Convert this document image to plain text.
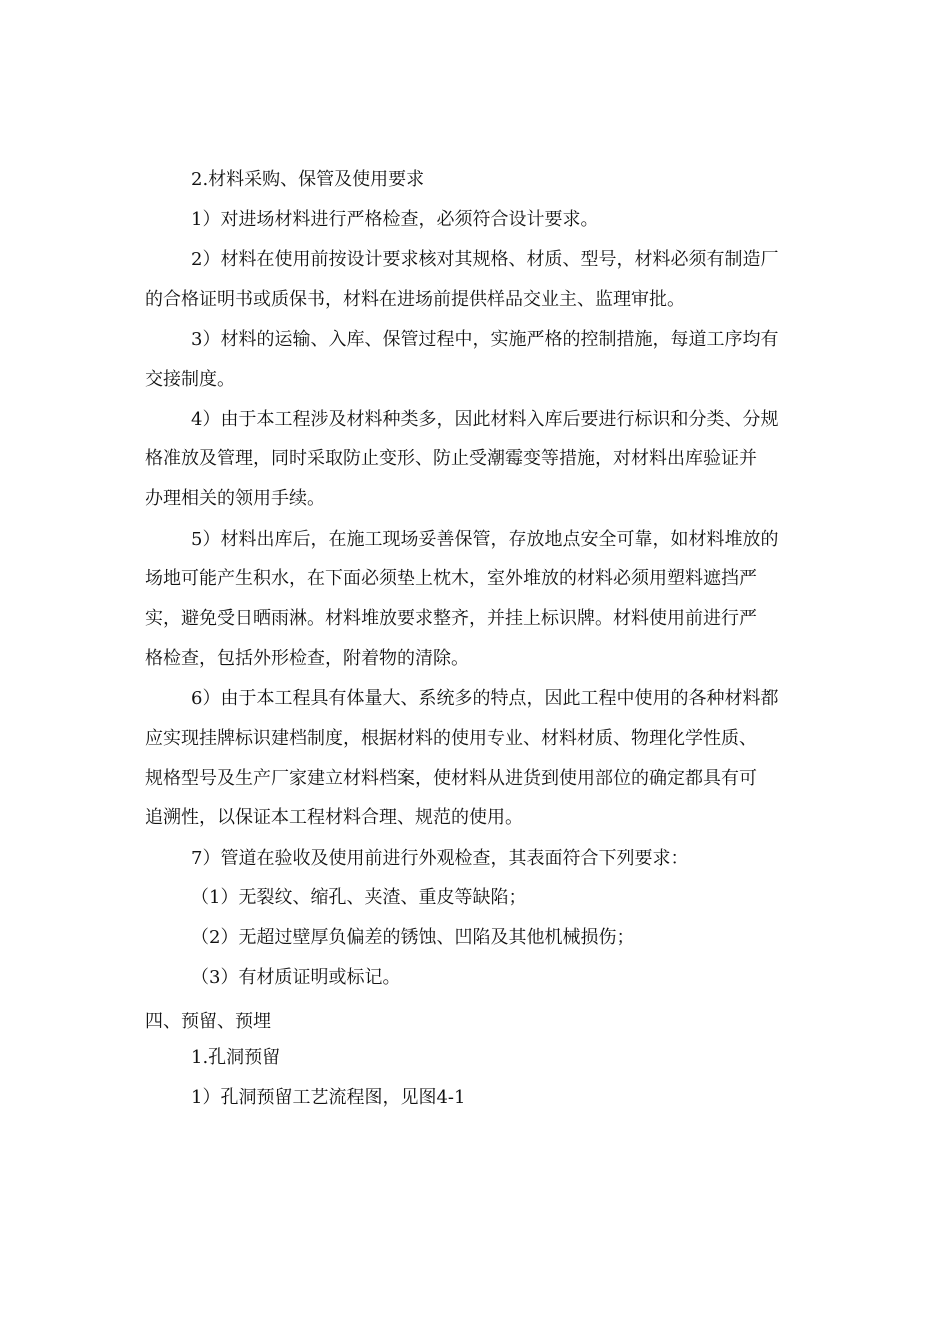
2.材料采购、保管及使用要求
1）对进场材料进行严格检查，必须符合设计要求。
2）材料在使用前按设计要求核对其规格、材质、型号，材料必须有制造厂
的合格证明书或质保书，材料在进场前提供样品交业主、监理审批。
3）材料的运输、入库、保管过程中，实施严格的控制措施，每道工序均有
交接制度。
4）由于本工程涉及材料种类多，因此材料入库后要进行标识和分类、分规
格准放及管理，同时采取防止变形、防止受潮霉变等措施，对材料出库验证并
办理相关的领用手续。
5）材料出库后，在施工现场妥善保管，存放地点安全可靠，如材料堆放的
场地可能产生积水，在下面必须垫上枕木，室外堆放的材料必须用塑料遮挡严
实，避免受日晒雨淋。材料堆放要求整齐，并挂上标识牌。材料使用前进行严
格检查，包括外形检查，附着物的清除。
6）由于本工程具有体量大、系统多的特点，因此工程中使用的各种材料都
应实现挂牌标识建档制度，根据材料的使用专业、材料材质、物理化学性质、
规格型号及生产厂家建立材料档案，使材料从进货到使用部位的确定都具有可
追溯性，以保证本工程材料合理、规范的使用。
7）管道在验收及使用前进行外观检查，其表面符合下列要求：
（1）无裂纹、缩孔、夹渣、重皮等缺陷；
（2）无超过壁厚负偏差的锈蚀、凹陷及其他机械损伤；
（3）有材质证明或标记。
四、预留、预埋
1.孔洞预留
1）孔洞预留工艺流程图，见图4-1
